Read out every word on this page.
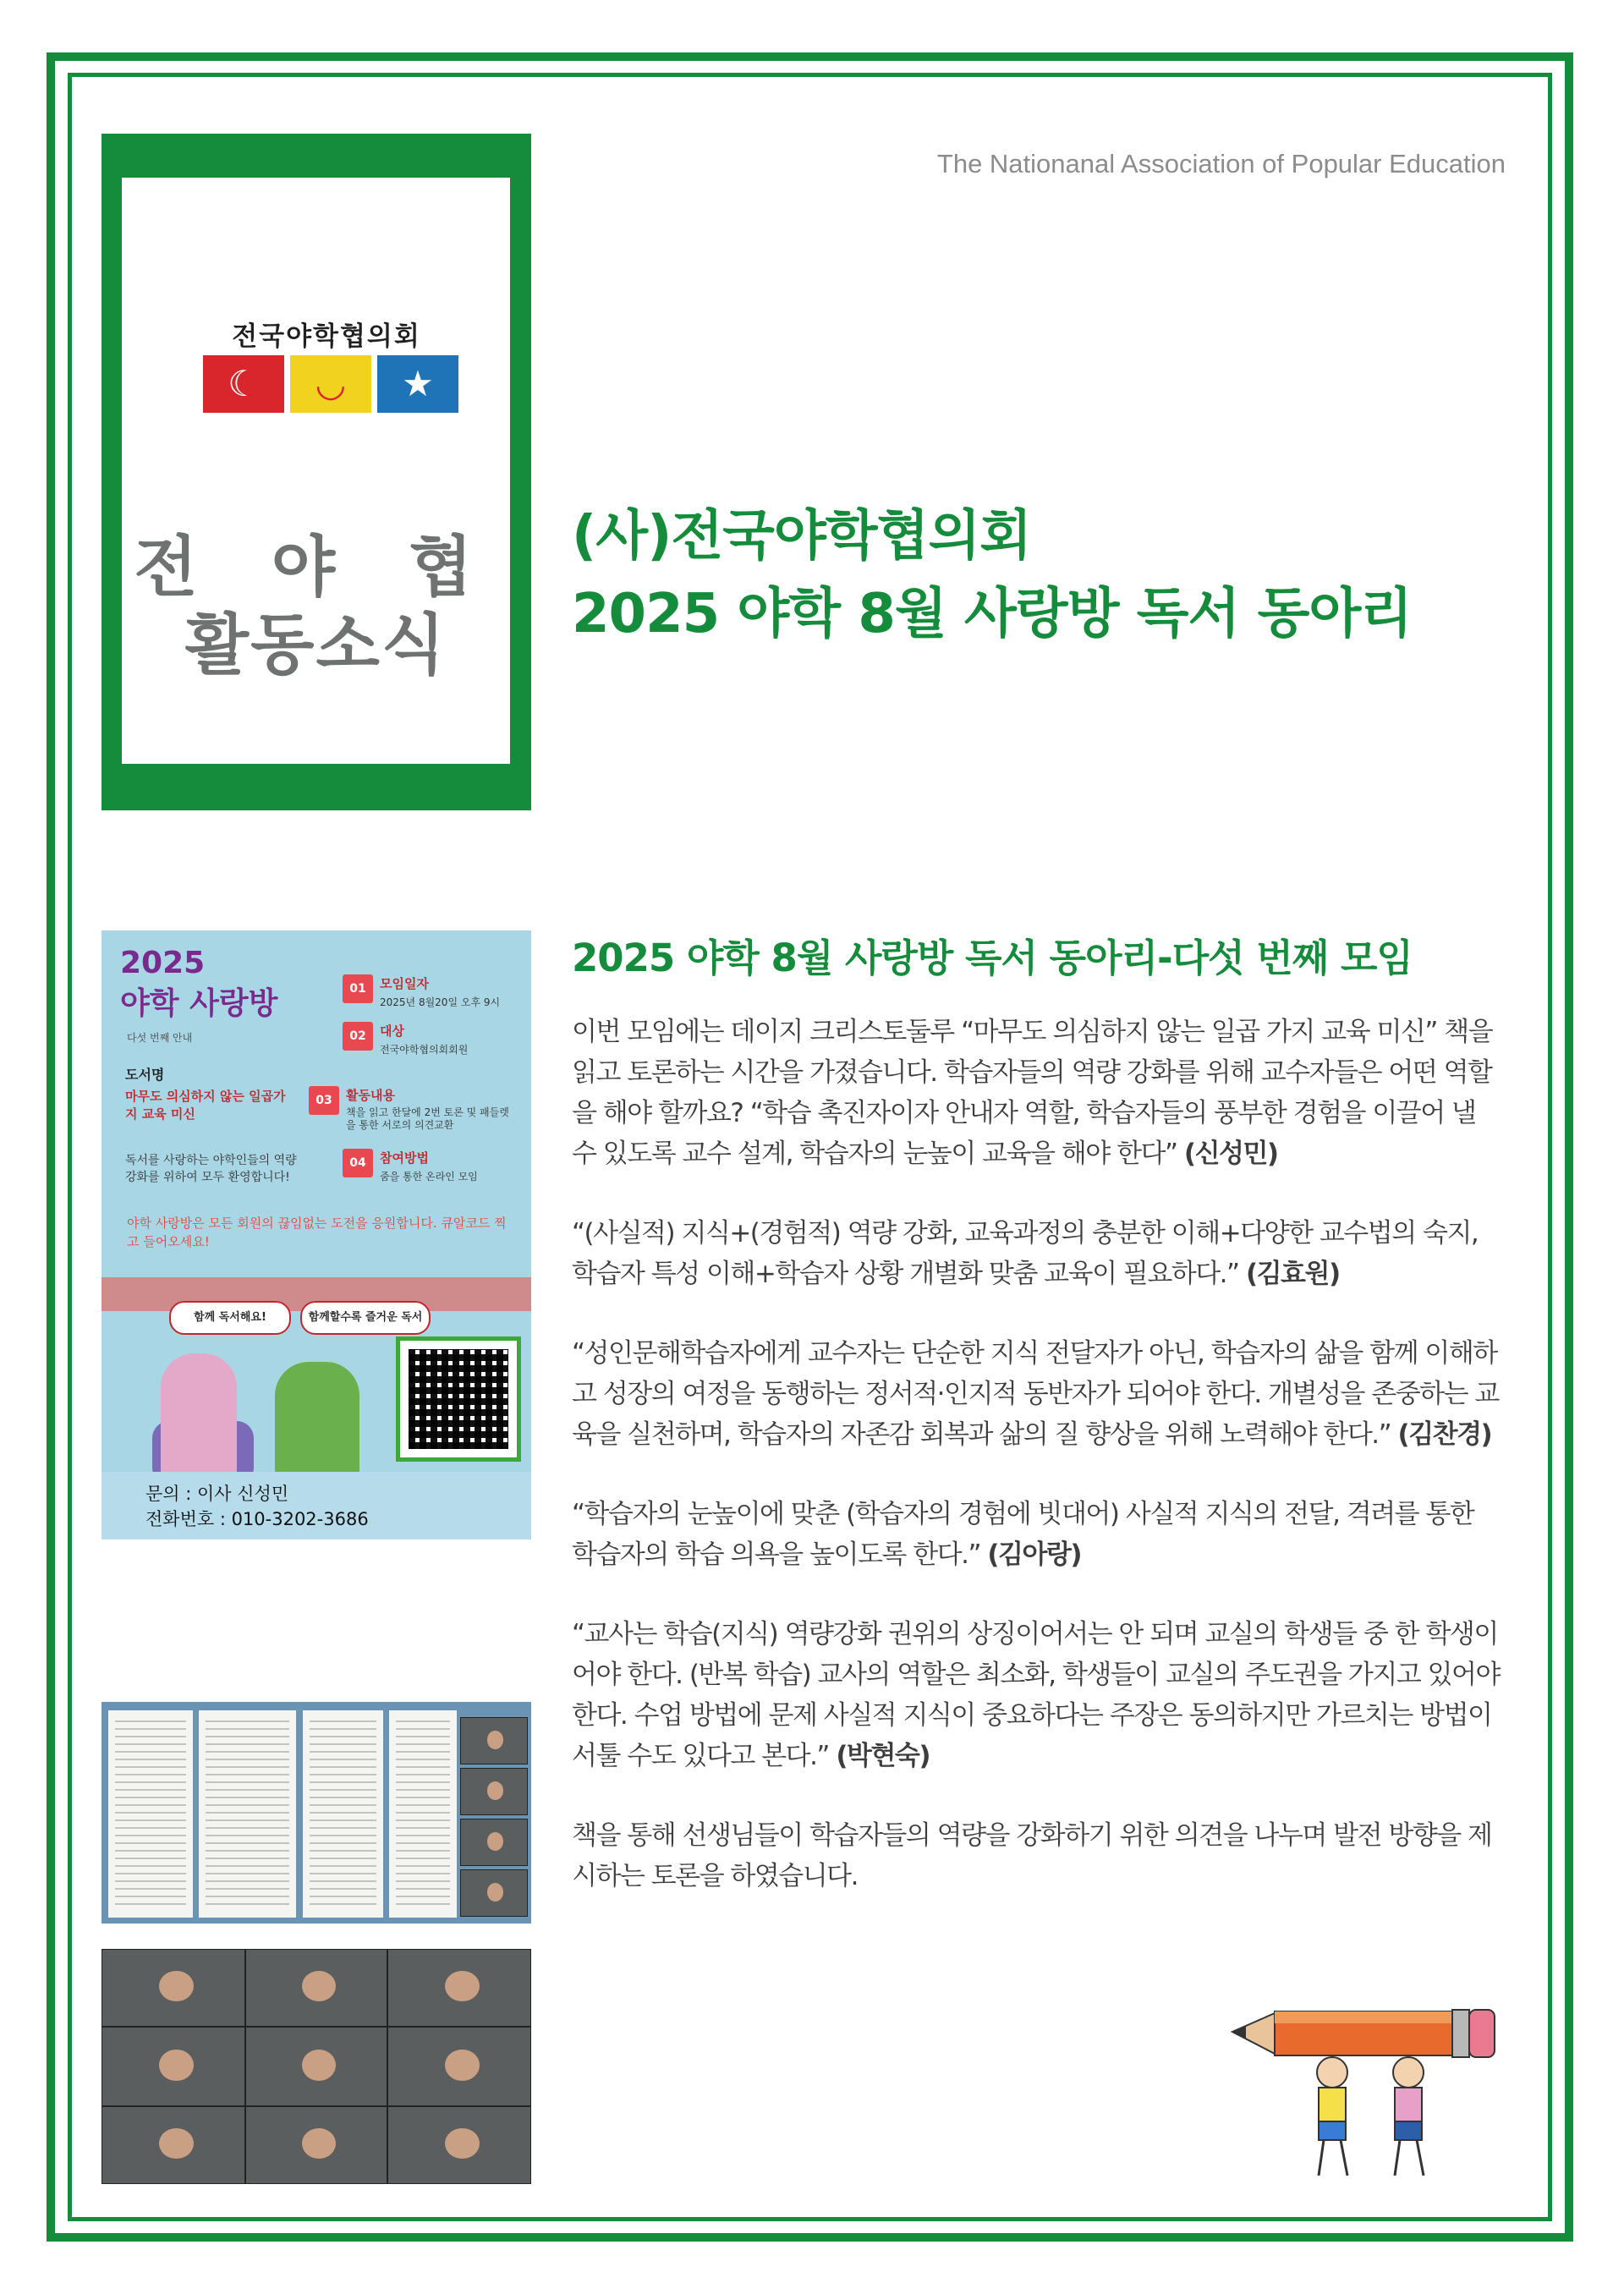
The Nationanal Association of Popular Education
전국야학협의회
☾	◡	★
전 야 협
활동소식
(사)전국야학협의회
2025 야학 8월 사랑방 독서 동아리
2025
야학 사랑방
다섯 번째 안내
01	모임일자
2025년 8월20일 오후 9시
02	대상
전국야학협의회회원
03	활동내용
책을 읽고 한달에 2번 토론 및 패들렛을 통한 서로의 의견교환
04	참여방법
줌을 통한 온라인 모임
도서명
마무도 의심하지 않는 일곱가지 교육 미신
독서를 사랑하는 야학인들의 역량강화를 위하여 모두 환영합니다!
야학 사랑방은 모든 회원의 끊임없는 도전을 응원합니다. 큐알코드 찍고 들어오세요!
함께 독서해요!	함께할수록 즐거운 독서
문의 : 이사 신성민
전화번호 : 010-3202-3686
2025 야학 8월 사랑방 독서 동아리-다섯 번째 모임

이번 모임에는 데이지 크리스토둘루 “마무도 의심하지 않는 일곱 가지 교육 미신” 책을 읽고 토론하는 시간을 가졌습니다. 학습자들의 역량 강화를 위해 교수자들은 어떤 역할을 해야 할까요? “학습 촉진자이자 안내자 역할, 학습자들의 풍부한 경험을 이끌어 낼 수 있도록 교수 설계, 학습자의 눈높이 교육을 해야 한다” (신성민)

“(사실적) 지식+(경험적) 역량 강화, 교육과정의 충분한 이해+다양한 교수법의 숙지, 학습자 특성 이해+학습자 상황 개별화 맞춤 교육이 필요하다.” (김효원)

“성인문해학습자에게 교수자는 단순한 지식 전달자가 아닌, 학습자의 삶을 함께 이해하고 성장의 여정을 동행하는 정서적·인지적 동반자가 되어야 한다. 개별성을 존중하는 교육을 실천하며, 학습자의 자존감 회복과 삶의 질 향상을 위해 노력해야 한다.” (김찬경)

“학습자의 눈높이에 맞춘 (학습자의 경험에 빗대어) 사실적 지식의 전달, 격려를 통한 학습자의 학습 의욕을 높이도록 한다.” (김아랑)

“교사는 학습(지식) 역량강화 권위의 상징이어서는 안 되며 교실의 학생들 중 한 학생이어야 한다. (반복 학습) 교사의 역할은 최소화, 학생들이 교실의 주도권을 가지고 있어야 한다. 수업 방법에 문제 사실적 지식이 중요하다는 주장은 동의하지만 가르치는 방법이 서툴 수도 있다고 본다.” (박현숙)

책을 통해 선생님들이 학습자들의 역량을 강화하기 위한 의견을 나누며 발전 방향을 제시하는 토론을 하였습니다.
